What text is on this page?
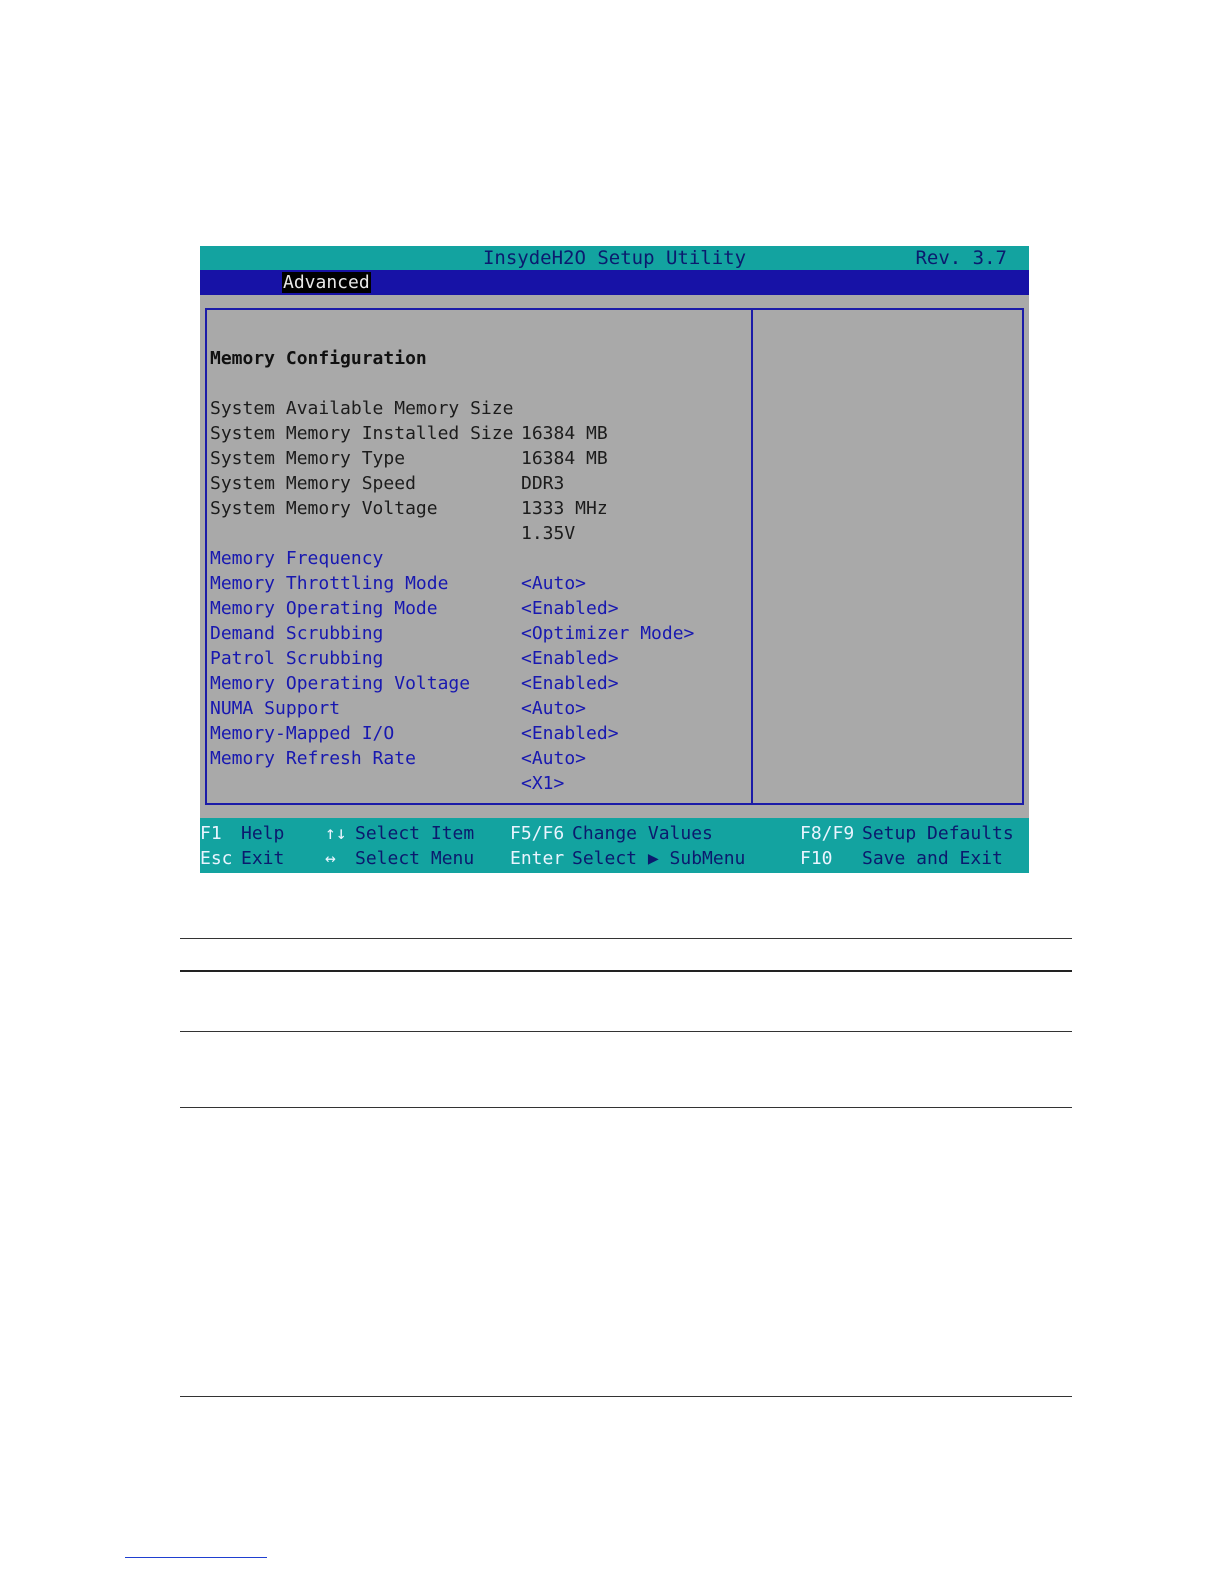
InsydeH2O Setup Utility	Rev. 3.7
Advanced

Memory Configuration

System Available Memory Size

16384 MB

System Memory Installed Size

16384 MB

System Memory Type

DDR3

System Memory Speed

1333 MHz

System Memory Voltage

1.35V

Memory Frequency

<Auto>

Memory Throttling Mode

<Enabled>

Memory Operating Mode

<Optimizer Mode>

Demand Scrubbing

<Enabled>

Patrol Scrubbing

<Enabled>

Memory Operating Voltage

<Auto>

NUMA Support

<Enabled>

Memory-Mapped I/O

<Auto>

Memory Refresh Rate

<X1>

F1 Help
Esc Exit
↑↓ Select Item
↔ Select Menu
F5/F6 Change Values
Enter Select ▶ SubMenu
F8/F9 Setup Defaults
F10 Save and Exit
